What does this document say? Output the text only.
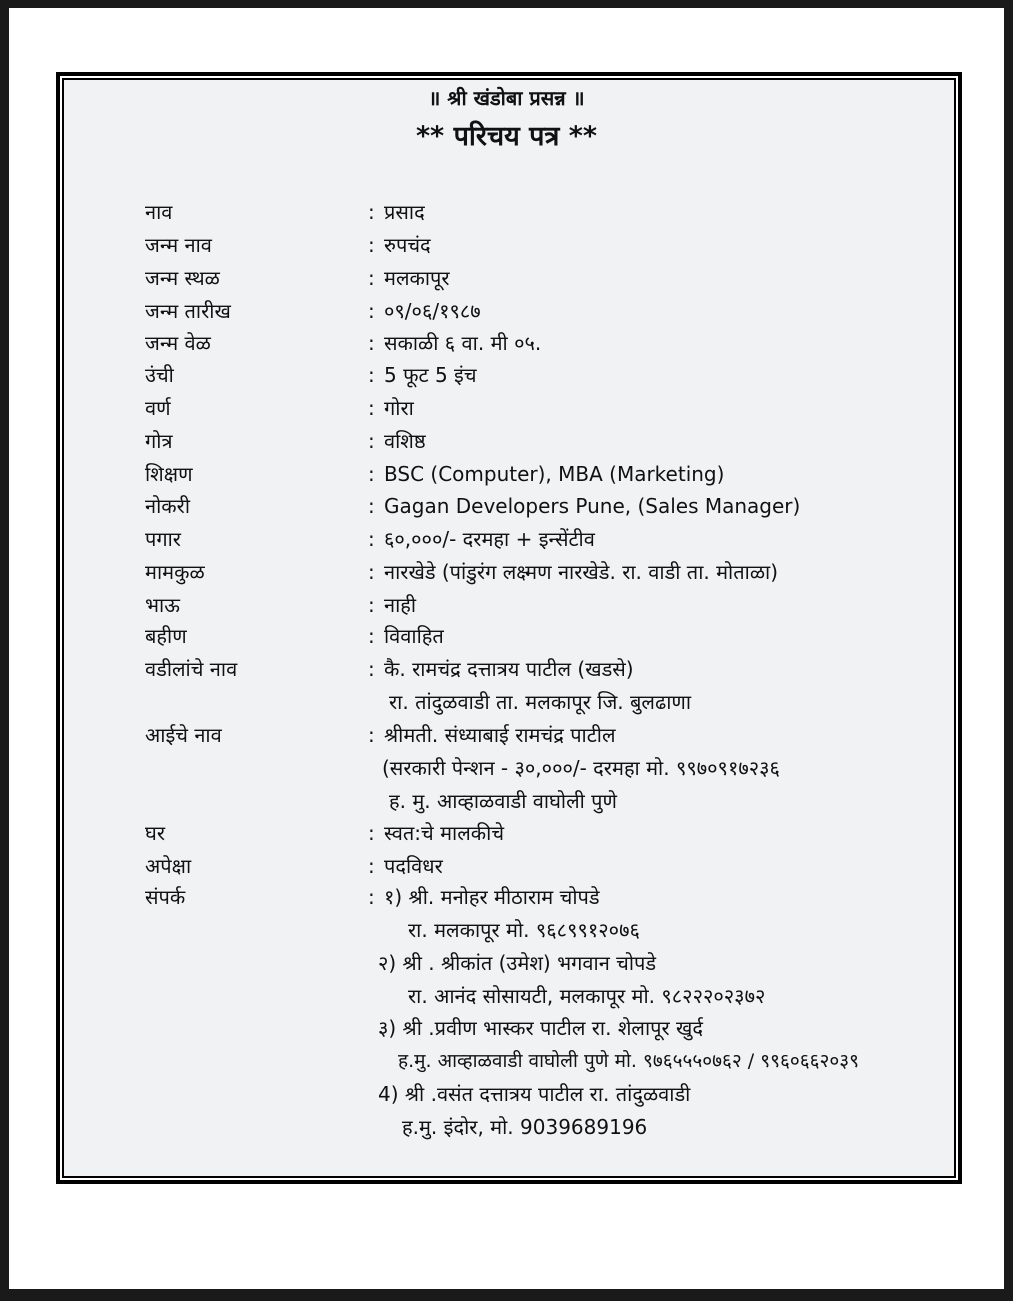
॥ श्री खंडोबा प्रसन्न ॥
** परिचय पत्र **
नाव	: प्रसाद
जन्म नाव	: रुपचंद
जन्म स्थळ	: मलकापूर
जन्म तारीख	: ०९/०६/१९८७
जन्म वेळ	: सकाळी ६ वा. मी ०५.
उंची	: 5 फूट 5 इंच
वर्ण	: गोरा
गोत्र	: वशिष्ठ
शिक्षण	: BSC (Computer), MBA (Marketing)
नोकरी	: Gagan Developers Pune, (Sales Manager)
पगार	: ६०,०००/- दरमहा + इन्सेंटीव
मामकुळ	: नारखेडे (पांडुरंग लक्ष्मण नारखेडे. रा. वाडी ता. मोताळा)
भाऊ	: नाही
बहीण	: विवाहित
वडीलांचे नाव	: कै. रामचंद्र दत्तात्रय पाटील (खडसे)
रा. तांदुळवाडी ता. मलकापूर जि. बुलढाणा
आईचे नाव	: श्रीमती. संध्याबाई रामचंद्र पाटील
(सरकारी पेन्शन - ३०,०००/- दरमहा मो. ९९७०९१७२३६
ह. मु. आव्हाळवाडी वाघोली पुणे
घर	: स्वत:चे मालकीचे
अपेक्षा	: पदविधर
संपर्क	: १) श्री. मनोहर मीठाराम चोपडे
रा. मलकापूर मो. ९६८९९१२०७६
२) श्री . श्रीकांत (उमेश) भगवान चोपडे
रा. आनंद सोसायटी, मलकापूर मो. ९८२२२०२३७२
३) श्री .प्रवीण भास्कर पाटील रा. शेलापूर खुर्द
ह.मु. आव्हाळवाडी वाघोली पुणे मो. ९७६५५५०७६२ / ९९६०६६२०३९
4) श्री .वसंत दत्तात्रय पाटील रा. तांदुळवाडी
ह.मु. इंदोर, मो. 9039689196
